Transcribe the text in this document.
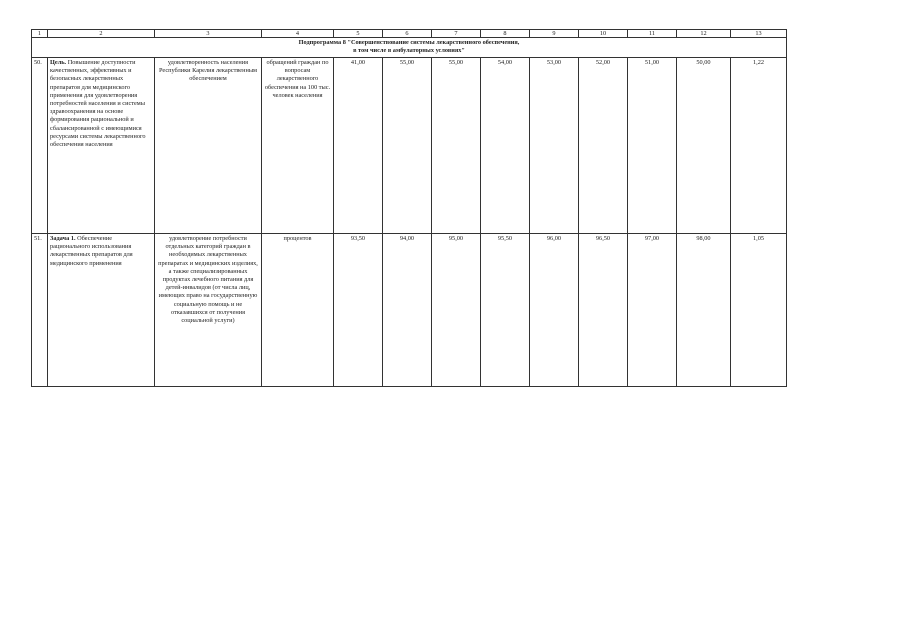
1	2	3	4	5	6	7	8	9	10	11	12	13

Подпрограмма 8 "Совершенствование системы лекарственного обеспечения,
в том числе в амбулаторных условиях"												

50.	Цель. Повышение доступности качественных, эффективных и безопасных лекарственных препаратов для медицинского применения для удовлетворения потребностей населения и системы здравоохранения на основе формирования рациональной и сбалансированной с имеющимися ресурсами системы лекарственного обеспечения населения	удовлетворенность населения Республики Карелия лекарственным обеспечением	обращений граждан по вопросам лекарственного обеспечения на 100 тыс. человек населения	41,00	55,00	55,00	54,00	53,00	52,00	51,00	50,00	1,22
51.	Задача 1. Обеспечение рационального использования лекарственных препаратов для медицинского применения	удовлетворение потребности отдельных категорий граждан в необходимых лекарственных препаратах и медицинских изделиях, а также специализированных продуктах лечебного питания для детей-инвалидов (от числа лиц, имеющих право на государственную социальную помощь и не отказавшихся от получения социальной услуги)	процентов	93,50	94,00	95,00	95,50	96,00	96,50	97,00	98,00	1,05
